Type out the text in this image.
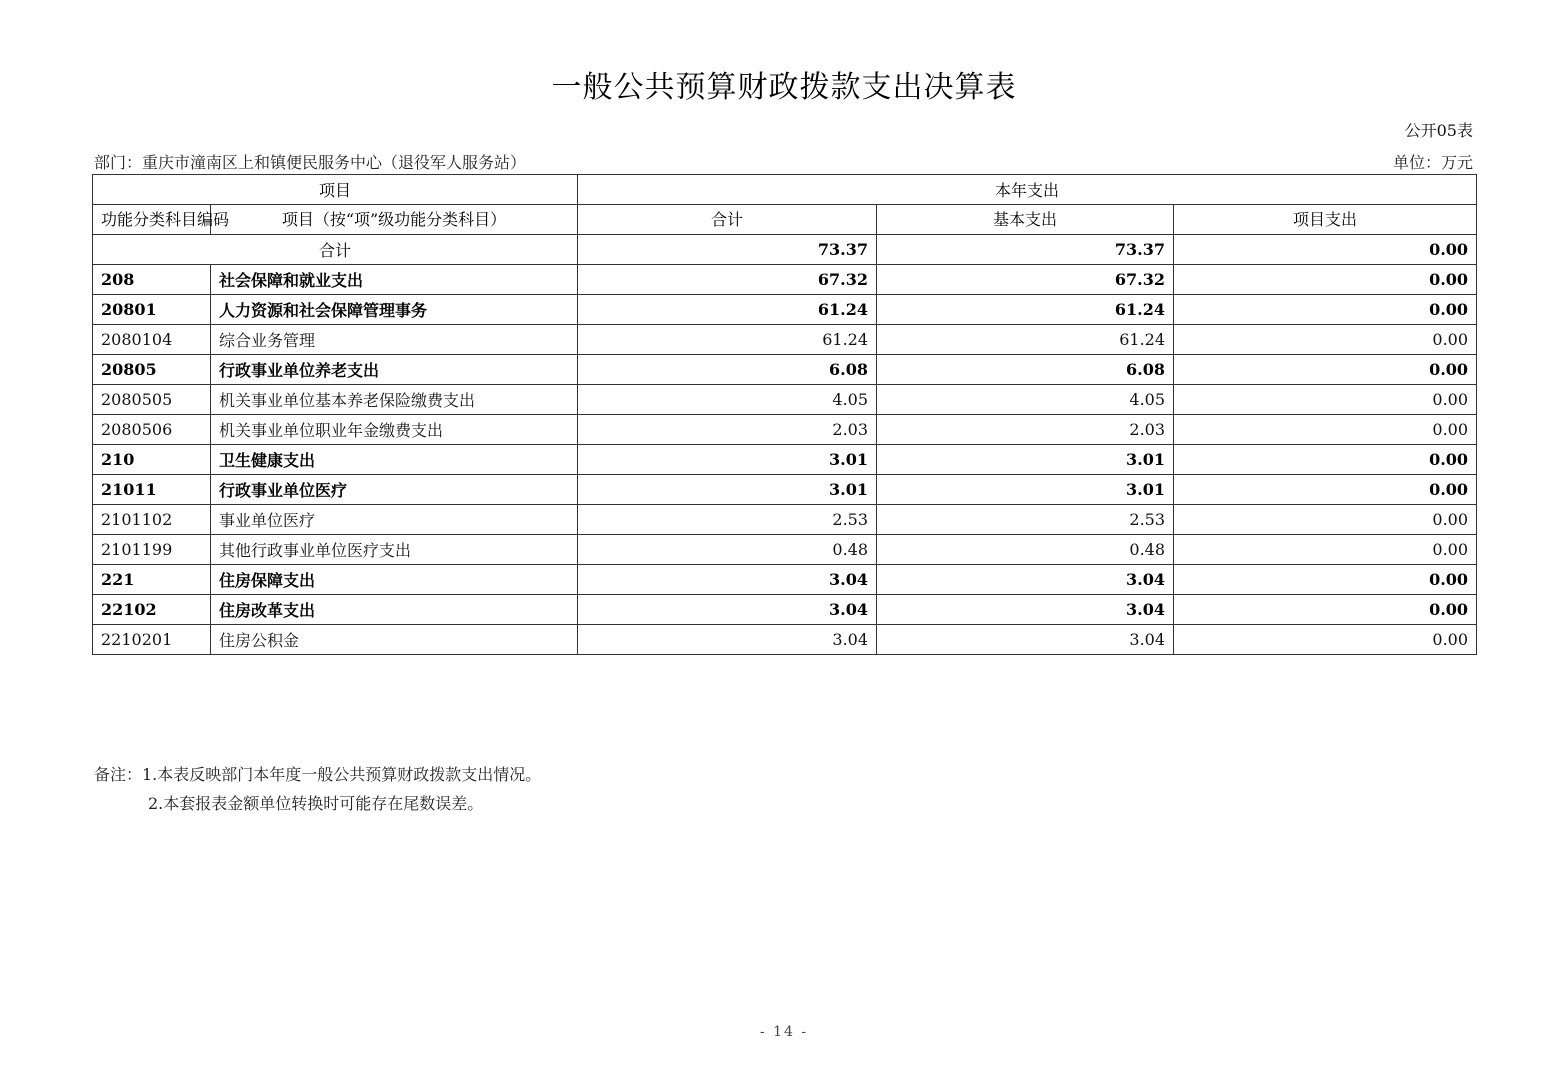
一般公共预算财政拨款支出决算表
公开05表
部门：重庆市潼南区上和镇便民服务中心（退役军人服务站）	单位：万元
项目		本年支出		
功能分类科目编码	项目（按“项”级功能分类科目）	合计	基本支出	项目支出
合计		73.37	73.37	0.00
208	社会保障和就业支出	67.32	67.32	0.00
20801	人力资源和社会保障管理事务	61.24	61.24	0.00
2080104	综合业务管理	61.24	61.24	0.00
20805	行政事业单位养老支出	6.08	6.08	0.00
2080505	机关事业单位基本养老保险缴费支出	4.05	4.05	0.00
2080506	机关事业单位职业年金缴费支出	2.03	2.03	0.00
210	卫生健康支出	3.01	3.01	0.00
21011	行政事业单位医疗	3.01	3.01	0.00
2101102	事业单位医疗	2.53	2.53	0.00
2101199	其他行政事业单位医疗支出	0.48	0.48	0.00
221	住房保障支出	3.04	3.04	0.00
22102	住房改革支出	3.04	3.04	0.00
2210201	住房公积金	3.04	3.04	0.00
备注：1.本表反映部门本年度一般公共预算财政拨款支出情况。
2.本套报表金额单位转换时可能存在尾数误差。
- 14 -
